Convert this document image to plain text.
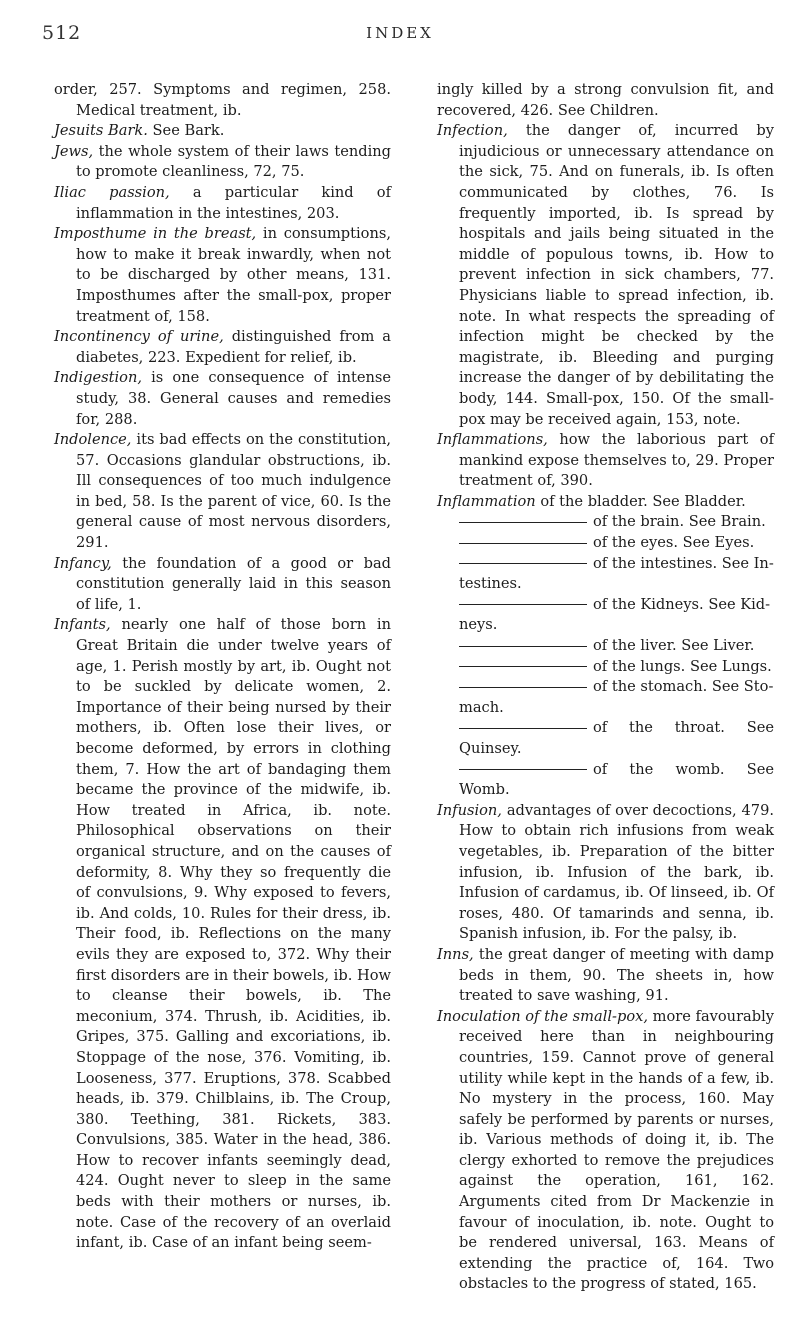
512	INDEX

order, 257. Symptoms and regimen, 258. Medical treatment, ib.

Jesuits Bark. See Bark.

Jews, the whole system of their laws tending to promote cleanliness, 72, 75.

Iliac passion, a particular kind of inflammation in the intestines, 203.

Imposthume in the breast, in consumptions, how to make it break inwardly, when not to be discharged by other means, 131. Imposthumes after the small-pox, proper treatment of, 158.

Incontinency of urine, distinguished from a diabetes, 223. Expedient for relief, ib.

Indigestion, is one consequence of intense study, 38. General causes and remedies for, 288.

Indolence, its bad effects on the constitution, 57. Occasions glandular obstructions, ib. Ill consequences of too much indulgence in bed, 58. Is the parent of vice, 60. Is the general cause of most nervous disorders, 291.

Infancy, the foundation of a good or bad constitution generally laid in this season of life, 1.

Infants, nearly one half of those born in Great Britain die under twelve years of age, 1. Perish mostly by art, ib. Ought not to be suckled by delicate women, 2. Importance of their being nursed by their mothers, ib. Often lose their lives, or become deformed, by errors in clothing them, 7. How the art of bandaging them became the province of the midwife, ib. How treated in Africa, ib. note. Philosophical observations on their organical structure, and on the causes of deformity, 8. Why they so frequently die of convulsions, 9. Why exposed to fevers, ib. And colds, 10. Rules for their dress, ib. Their food, ib. Reflections on the many evils they are exposed to, 372. Why their first disorders are in their bowels, ib. How to cleanse their bowels, ib. The meconium, 374. Thrush, ib. Acidities, ib. Gripes, 375. Galling and excoriations, ib. Stoppage of the nose, 376. Vomiting, ib. Looseness, 377. Eruptions, 378. Scabbed heads, ib. 379. Chilblains, ib. The Croup, 380. Teething, 381. Rickets, 383. Convulsions, 385. Water in the head, 386. How to recover infants seemingly dead, 424. Ought never to sleep in the same beds with their mothers or nurses, ib. note. Case of the recovery of an overlaid infant, ib. Case of an infant being seem-

ingly killed by a strong convulsion fit, and recovered, 426. See Children.

Infection, the danger of, incurred by injudicious or unnecessary attendance on the sick, 75. And on funerals, ib. Is often communicated by clothes, 76. Is frequently imported, ib. Is spread by hospitals and jails being situated in the middle of populous towns, ib. How to prevent infection in sick chambers, 77. Physicians liable to spread infection, ib. note. In what respects the spreading of infection might be checked by the magistrate, ib. Bleeding and purging increase the danger of by debilitating the body, 144. Small-pox, 150. Of the small-pox may be received again, 153, note.

Inflammations, how the laborious part of mankind expose themselves to, 29. Proper treatment of, 390.

Inflammation of the bladder. See Bladder.

of the brain. See Brain.

of the eyes. See Eyes.

of the intestines. See In-
testines.

of the Kidneys. See Kid-
neys.

of the liver. See Liver.

of the lungs. See Lungs.

of the stomach. See Sto-
mach.

of the throat. See Quinsey.

of the womb. See Womb.

Infusion, advantages of over decoctions, 479. How to obtain rich infusions from weak vegetables, ib. Preparation of the bitter infusion, ib. Infusion of the bark, ib. Infusion of cardamus, ib. Of linseed, ib. Of roses, 480. Of tamarinds and senna, ib. Spanish infusion, ib. For the palsy, ib.

Inns, the great danger of meeting with damp beds in them, 90. The sheets in, how treated to save washing, 91.

Inoculation of the small-pox, more favourably received here than in neighbouring countries, 159. Cannot prove of general utility while kept in the hands of a few, ib. No mystery in the process, 160. May safely be performed by parents or nurses, ib. Various methods of doing it, ib. The clergy exhorted to remove the prejudices against the operation, 161, 162. Arguments cited from Dr Mackenzie in favour of inoculation, ib. note. Ought to be rendered universal, 163. Means of extending the practice of, 164. Two obstacles to the progress of stated, 165.
